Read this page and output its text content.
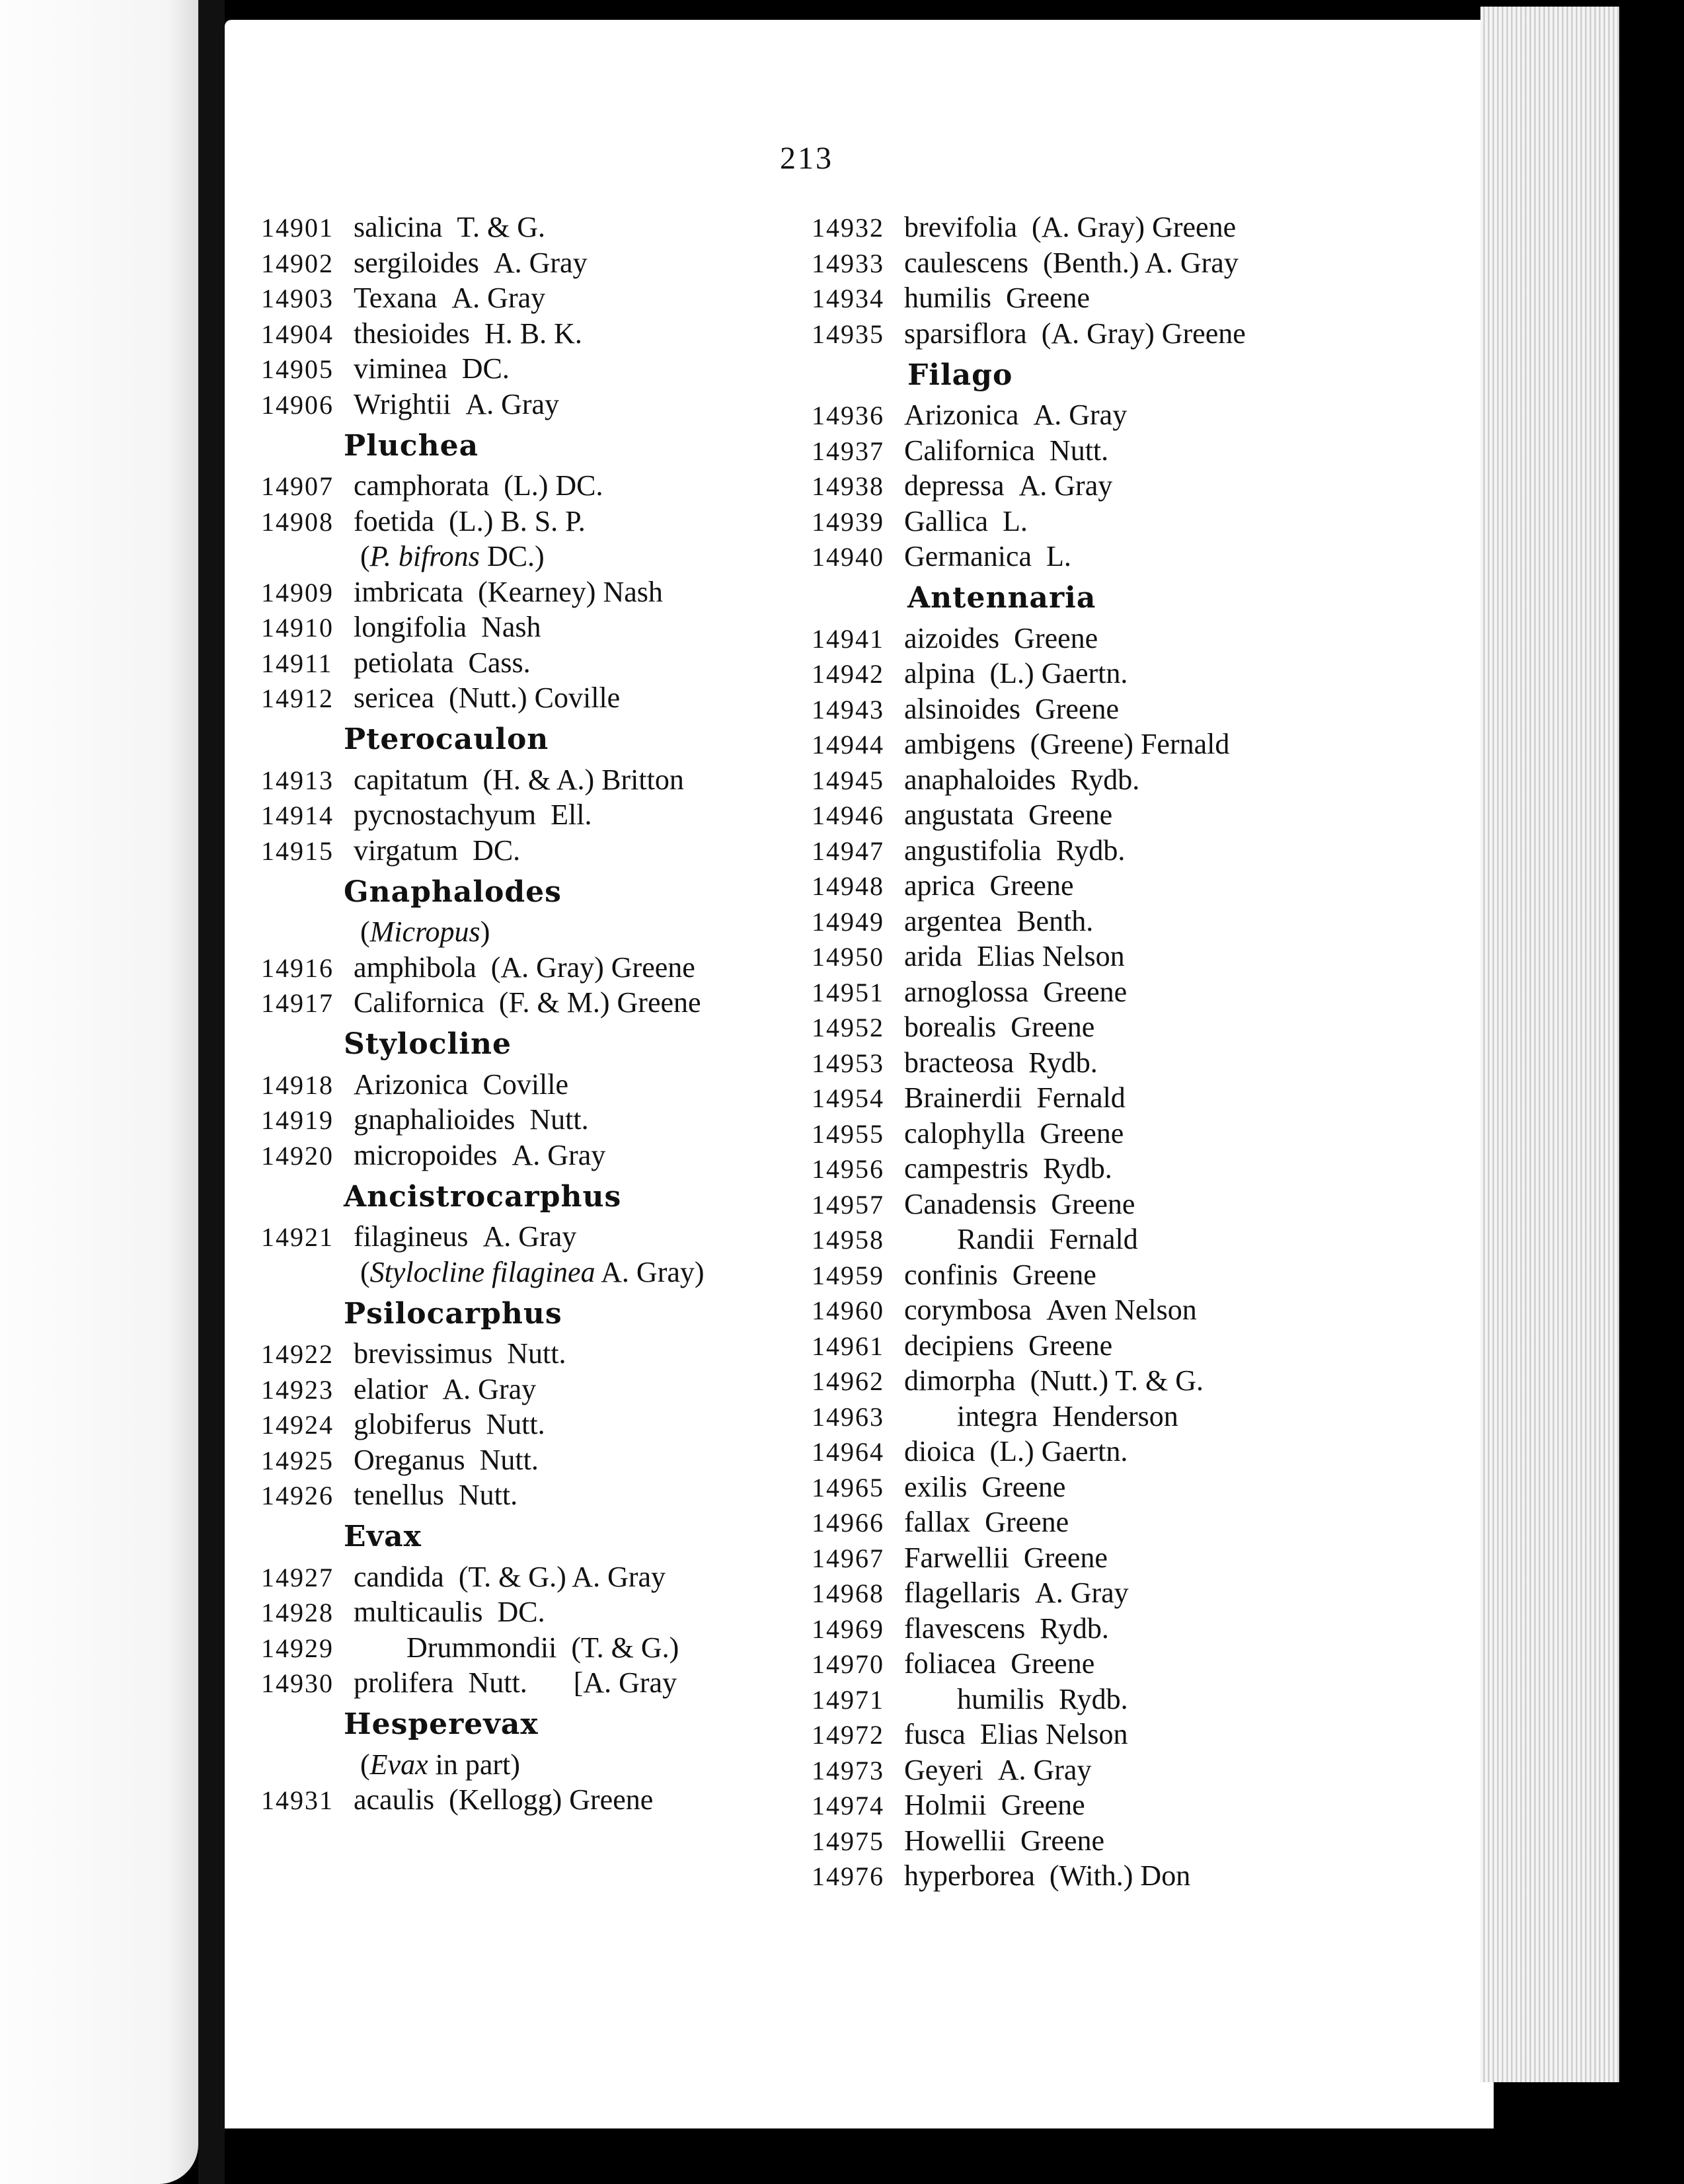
213
14901 salicina T. & G.
14902 sergiloides A. Gray
14903 Texana A. Gray
14904 thesioides H. B. K.
14905 viminea DC.
14906 Wrightii A. Gray
Pluchea
14907 camphorata (L.) DC.
14908 foetida (L.) B. S. P.
( P. bifrons DC.)
14909 imbricata (Kearney) Nash
14910 longifolia Nash
14911 petiolata Cass.
14912 sericea (Nutt.) Coville
Pterocaulon
14913 capitatum (H. & A.) Britton
14914 pycnostachyum Ell.
14915 virgatum DC.
Gnaphalodes
( Micropus )
14916 amphibola (A. Gray) Greene
14917 Californica (F. & M.) Greene
Stylocline
14918 Arizonica Coville
14919 gnaphalioides Nutt.
14920 micropoides A. Gray
Ancistrocarphus
14921 filagineus A. Gray
( Stylocline filaginea A. Gray)
Psilocarphus
14922 brevissimus Nutt.
14923 elatior A. Gray
14924 globiferus Nutt.
14925 Oreganus Nutt.
14926 tenellus Nutt.
Evax
14927 candida (T. & G.) A. Gray
14928 multicaulis DC.
14929	Drummondii (T. & G.)
14930 prolifera Nutt. [A. Gray
Hesperevax
( Evax in part)
14931 acaulis (Kellogg) Greene
14932 brevifolia (A. Gray) Greene
14933 caulescens (Benth.) A. Gray
14934 humilis Greene
14935 sparsiflora (A. Gray) Greene
Filago
14936 Arizonica A. Gray
14937 Californica Nutt.
14938 depressa A. Gray
14939 Gallica L.
14940 Germanica L.
Antennaria
14941 aizoides Greene
14942 alpina (L.) Gaertn.
14943 alsinoides Greene
14944 ambigens (Greene) Fernald
14945 anaphaloides Rydb.
14946 angustata Greene
14947 angustifolia Rydb.
14948 aprica Greene
14949 argentea Benth.
14950 arida Elias Nelson
14951 arnoglossa Greene
14952 borealis Greene
14953 bracteosa Rydb.
14954 Brainerdii Fernald
14955 calophylla Greene
14956 campestris Rydb.
14957 Canadensis Greene
14958	Randii Fernald
14959 confinis Greene
14960 corymbosa Aven Nelson
14961 decipiens Greene
14962 dimorpha (Nutt.) T. & G.
14963	integra Henderson
14964 dioica (L.) Gaertn.
14965 exilis Greene
14966 fallax Greene
14967 Farwellii Greene
14968 flagellaris A. Gray
14969 flavescens Rydb.
14970 foliacea Greene
14971	humilis Rydb.
14972 fusca Elias Nelson
14973 Geyeri A. Gray
14974 Holmii Greene
14975 Howellii Greene
14976 hyperborea (With.) Don
